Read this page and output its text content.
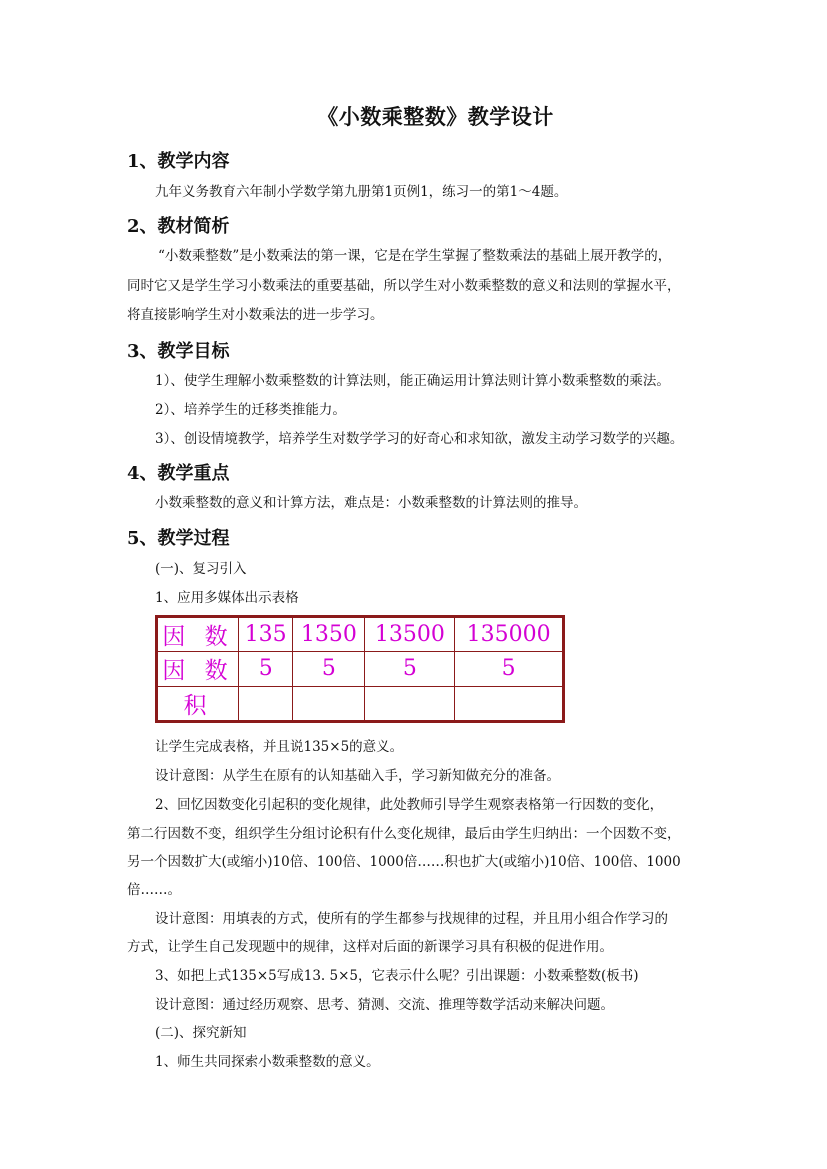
《小数乘整数》教学设计
1、教学内容
九年义务教育六年制小学数学第九册第1页例1，练习一的第1～4题。
2、教材简析
“小数乘整数”是小数乘法的第一课，它是在学生掌握了整数乘法的基础上展开教学的，
同时它又是学生学习小数乘法的重要基础，所以学生对小数乘整数的意义和法则的掌握水平，
将直接影响学生对小数乘法的进一步学习。
3、教学目标
1）、使学生理解小数乘整数的计算法则，能正确运用计算法则计算小数乘整数的乘法。
2）、培养学生的迁移类推能力。
3）、创设情境教学，培养学生对数学学习的好奇心和求知欲，激发主动学习数学的兴趣。
4、教学重点
小数乘整数的意义和计算方法，难点是：小数乘整数的计算法则的推导。
5、教学过程
(一)、复习引入
1、应用多媒体出示表格
因 数	135	1350	13500	135000
因 数	5	5	5	5
积				
让学生完成表格，并且说135×5的意义。
设计意图：从学生在原有的认知基础入手，学习新知做充分的准备。
2、回忆因数变化引起积的变化规律，此处教师引导学生观察表格第一行因数的变化，
第二行因数不变，组织学生分组讨论积有什么变化规律，最后由学生归纳出：一个因数不变，
另一个因数扩大(或缩小)10倍、100倍、1000倍……积也扩大(或缩小)10倍、100倍、1000
倍……。
设计意图：用填表的方式，使所有的学生都参与找规律的过程，并且用小组合作学习的
方式，让学生自己发现题中的规律，这样对后面的新课学习具有积极的促进作用。
3、如把上式135×5写成13. 5×5，它表示什么呢？引出课题：小数乘整数(板书)
设计意图：通过经历观察、思考、猜测、交流、推理等数学活动来解决问题。
(二)、探究新知
1、师生共同探索小数乘整数的意义。
